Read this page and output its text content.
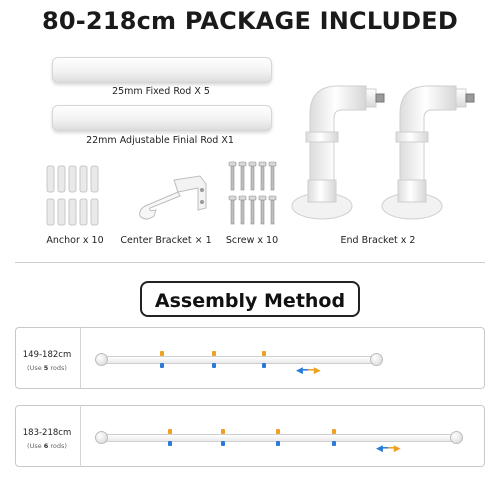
80-218cm PACKAGE INCLUDED
25mm Fixed Rod X 5
22mm Adjustable Finial Rod X1
End Bracket x 2
Anchor x 10	Center Bracket × 1	Screw x 10
Assembly Method
149-182cm
(Use 5 rods)	◀━━▶
183-218cm
(Use 6 rods)	◀━━▶
